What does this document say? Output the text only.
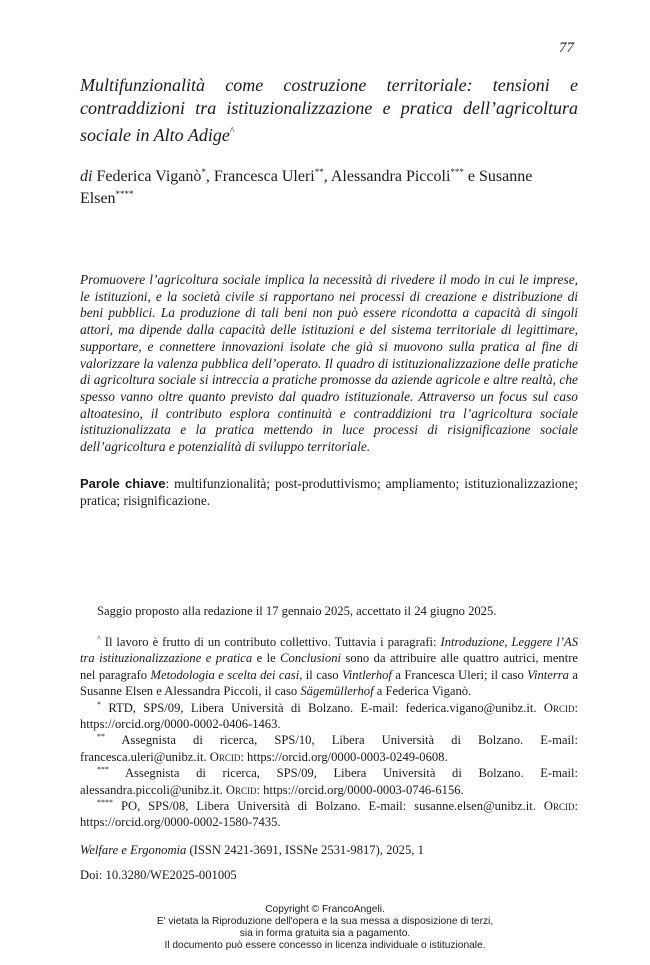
77
Multifunzionalità come costruzione territoriale: tensioni e contraddizioni tra istituzionalizzazione e pratica dell’agricoltura sociale in Alto Adige^
di Federica Viganò*, Francesca Uleri**, Alessandra Piccoli*** e Susanne Elsen****

Promuovere l’agricoltura sociale implica la necessità di rivedere il modo in cui le imprese, le istituzioni, e la società civile si rapportano nei processi di creazione e distribuzione di beni pubblici. La produzione di tali beni non può essere ricondotta a capacità di singoli attori, ma dipende dalla capacità delle istituzioni e del sistema territoriale di legittimare, supportare, e connettere innovazioni isolate che già si muovono sulla pratica al fine di valorizzare la valenza pubblica dell’operato. Il quadro di istituzionalizzazione delle pratiche di agricoltura sociale si intreccia a pratiche promosse da aziende agricole e altre realtà, che spesso vanno oltre quanto previsto dal quadro istituzionale. Attraverso un focus sul caso altoatesino, il contributo esplora continuità e contraddizioni tra l’agricoltura sociale istituzionalizzata e la pratica mettendo in luce processi di risignificazione sociale dell’agricoltura e potenzialità di sviluppo territoriale.

Parole chiave: multifunzionalità; post-produttivismo; ampliamento; istituzionalizzazione; pratica; risignificazione.

Saggio proposto alla redazione il 17 gennaio 2025, accettato il 24 giugno 2025.

^ Il lavoro è frutto di un contributo collettivo. Tuttavia i paragrafi: Introduzione, Leggere l’AS tra istituzionalizzazione e pratica e le Conclusioni sono da attribuire alle quattro autrici, mentre nel paragrafo Metodologia e scelta dei casi, il caso Vintlerhof a Francesca Uleri; il caso Vinterra a Susanne Elsen e Alessandra Piccoli, il caso Sägemüllerhof a Federica Viganò.

* RTD, SPS/09, Libera Università di Bolzano. E-mail: federica.vigano@unibz.it. Orcid: https://orcid.org/0000-0002-0406-1463.

** Assegnista di ricerca, SPS/10, Libera Università di Bolzano. E-mail: francesca.uleri@unibz.it. Orcid: https://orcid.org/0000-0003-0249-0608.

*** Assegnista di ricerca, SPS/09, Libera Università di Bolzano. E-mail: alessandra.piccoli@unibz.it. Orcid: https://orcid.org/0000-0003-0746-6156.

**** PO, SPS/08, Libera Università di Bolzano. E-mail: susanne.elsen@unibz.it. Orcid: https://orcid.org/0000-0002-1580-7435.

Welfare e Ergonomia (ISSN 2421-3691, ISSNe 2531-9817), 2025, 1
Doi: 10.3280/WE2025-001005
Copyright © FrancoAngeli.
E' vietata la Riproduzione dell'opera e la sua messa a disposizione di terzi,
sia in forma gratuita sia a pagamento.
Il documento può essere concesso in licenza individuale o istituzionale.
